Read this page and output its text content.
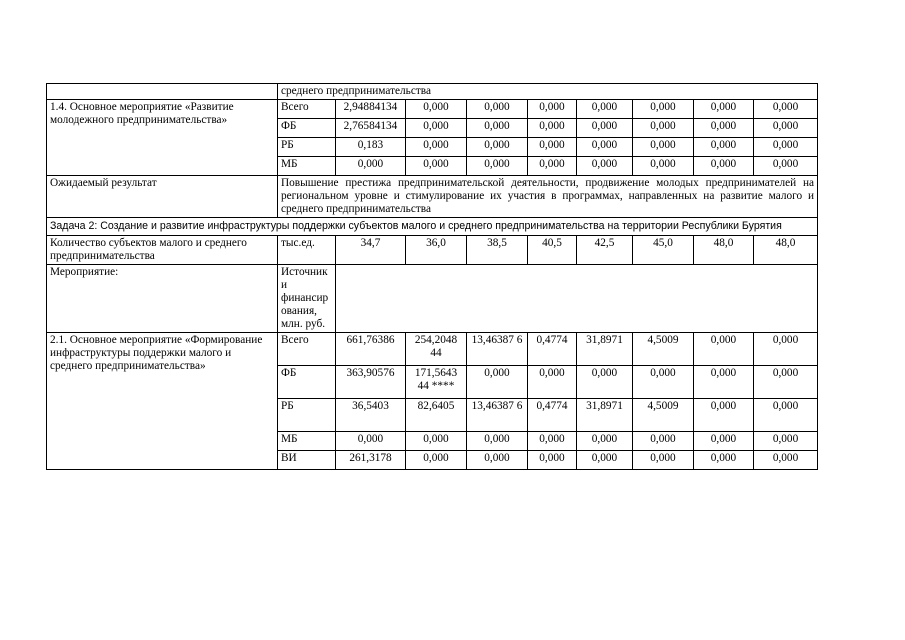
	среднего предпринимательства								
1.4. Основное мероприятие «Развитие молодежного предпринимательства»	Всего	2,94884134	0,000	0,000	0,000	0,000	0,000	0,000	0,000
	ФБ	2,76584134	0,000	0,000	0,000	0,000	0,000	0,000	0,000
	РБ	0,183	0,000	0,000	0,000	0,000	0,000	0,000	0,000
	МБ	0,000	0,000	0,000	0,000	0,000	0,000	0,000	0,000
Ожидаемый результат	Повышение престижа предпринимательской деятельности, продвижение молодых предпринимателей на региональном уровне и стимулирование их участия в программах, направленных на развитие малого и среднего предпринимательства								
Задача 2: Создание и развитие инфраструктуры поддержки субъектов малого и среднего предпринимательства на территории Республики Бурятия									
Количество субъектов малого и среднего предпринимательства	тыс.ед.	34,7	36,0	38,5	40,5	42,5	45,0	48,0	48,0
Мероприятие:	Источник и финансир ования, млн. руб.								
2.1. Основное мероприятие «Формирование инфраструктуры поддержки малого и среднего предпринимательства»	Всего	661,76386	254,2048 44	13,46387 6	0,4774	31,8971	4,5009	0,000	0,000
	ФБ	363,90576	171,5643 44 ****	0,000	0,000	0,000	0,000	0,000	0,000
	РБ	36,5403	82,6405	13,46387 6	0,4774	31,8971	4,5009	0,000	0,000
	МБ	0,000	0,000	0,000	0,000	0,000	0,000	0,000	0,000
	ВИ	261,3178	0,000	0,000	0,000	0,000	0,000	0,000	0,000
